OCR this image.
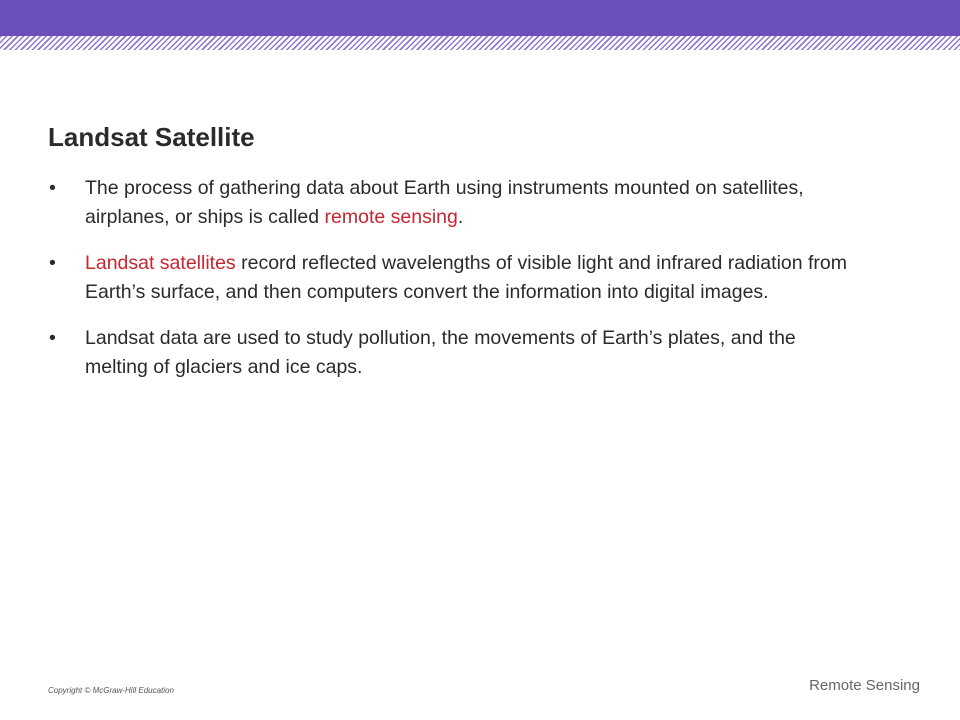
Landsat Satellite
• The process of gathering data about Earth using instruments mounted on satellites, airplanes, or ships is called remote sensing.
• Landsat satellites record reflected wavelengths of visible light and infrared radiation from Earth’s surface, and then computers convert the information into digital images.
• Landsat data are used to study pollution, the movements of Earth’s plates, and the melting of glaciers and ice caps.
Copyright © McGraw-Hill Education	Remote Sensing
